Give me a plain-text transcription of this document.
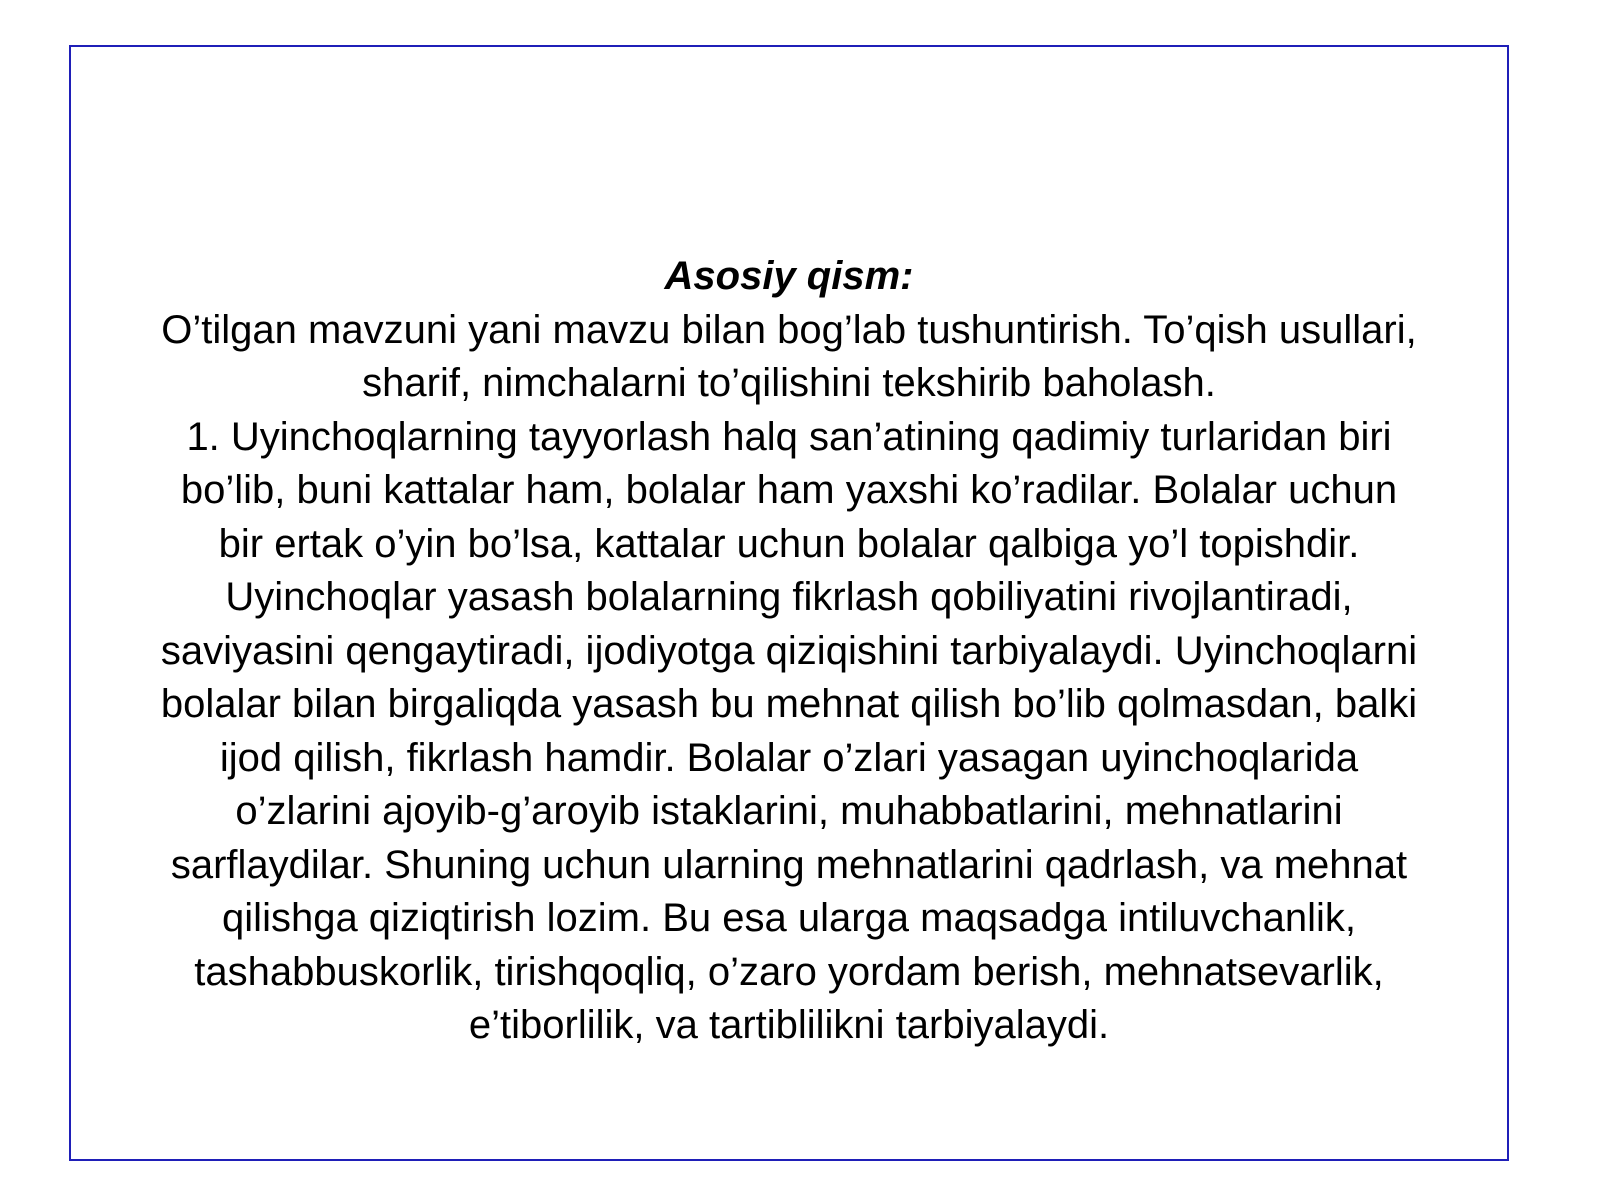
Asosiy qism:
O’tilgan mavzuni yani mavzu bilan bog’lab tushuntirish. To’qish usullari,
sharif, nimchalarni to’qilishini tekshirib baholash.
1. Uyinchoqlarning tayyorlash halq san’atining qadimiy turlaridan biri
bo’lib, buni kattalar ham, bolalar ham yaxshi ko’radilar. Bolalar uchun
bir ertak o’yin bo’lsa, kattalar uchun bolalar qalbiga yo’l topishdir.
Uyinchoqlar yasash bolalarning fikrlash qobiliyatini rivojlantiradi,
saviyasini qengaytiradi, ijodiyotga qiziqishini tarbiyalaydi. Uyinchoqlarni
bolalar bilan birgaliqda yasash bu mehnat qilish bo’lib qolmasdan, balki
ijod qilish, fikrlash hamdir. Bolalar o’zlari yasagan uyinchoqlarida
o’zlarini ajoyib-g’aroyib istaklarini, muhabbatlarini, mehnatlarini
sarflaydilar. Shuning uchun ularning mehnatlarini qadrlash, va mehnat
qilishga qiziqtirish lozim. Bu esa ularga maqsadga intiluvchanlik,
tashabbuskorlik, tirishqoqliq, o’zaro yordam berish, mehnatsevarlik,
e’tiborlilik, va tartiblilikni tarbiyalaydi.
